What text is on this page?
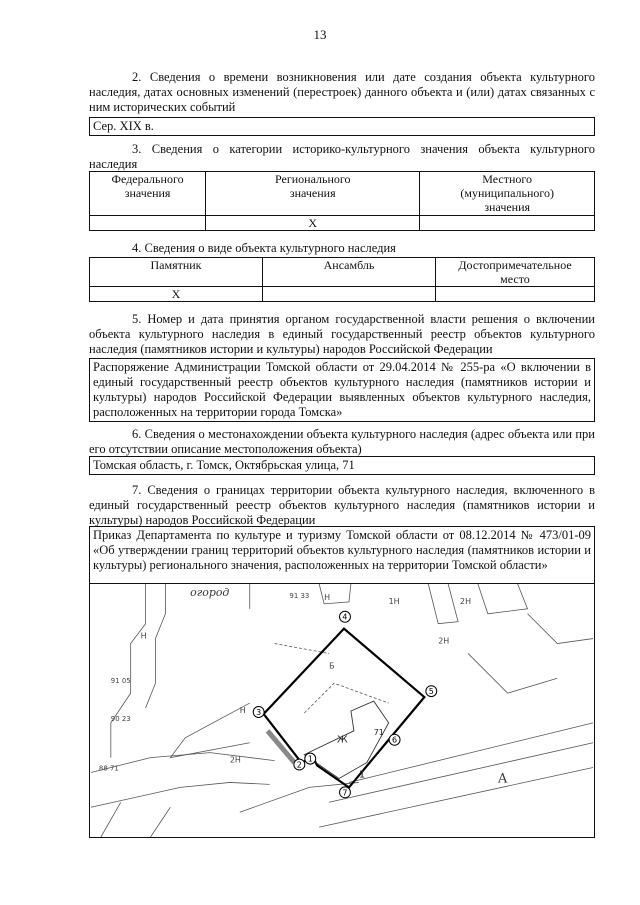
13
2. Сведения о времени возникновения или дате создания объекта культурного наследия, датах основных изменений (перестроек) данного объекта и (или) датах связанных с ним исторических событий
Сер. XIX в.
3. Сведения о категории историко-культурного значения объекта культурного наследия
Федерального значения	Регионального значения	Местного (муниципального) значения
	X	
4. Сведения о виде объекта культурного наследия
Памятник	Ансамбль	Достопримечательное место
X		
5. Номер и дата принятия органом государственной власти решения о включении объекта культурного наследия в единый государственный реестр объектов культурного наследия (памятников истории и культуры) народов Российской Федерации
Распоряжение Администрации Томской области от 29.04.2014 № 255-ра «О включении в единый государственный реестр объектов культурного наследия (памятников истории и культуры) народов Российской Федерации выявленных объектов культурного наследия, расположенных на территории города Томска»
6. Сведения о местонахождении объекта культурного наследия (адрес объекта или при его отсутствии описание местоположения объекта)
Томская область, г. Томск, Октябрьская улица, 71
7. Сведения о границах территории объекта культурного наследия, включенного в единый государственный реестр объектов культурного наследия (памятников истории и культуры) народов Российской Федерации
Приказ Департамента по культуре и туризму Томской области от 08.12.2014 № 473/01-09 «Об утверждении границ территорий объектов культурного наследия (памятников истории и культуры) регионального значения, расположенных на территории Томской области»
огород
Ж
71
1	А
91 33
91 05
90 23
88 71
2Н
2Н
2Н
1Н
Н
Н
Н
Б
1
2
3
4
5
6
7
